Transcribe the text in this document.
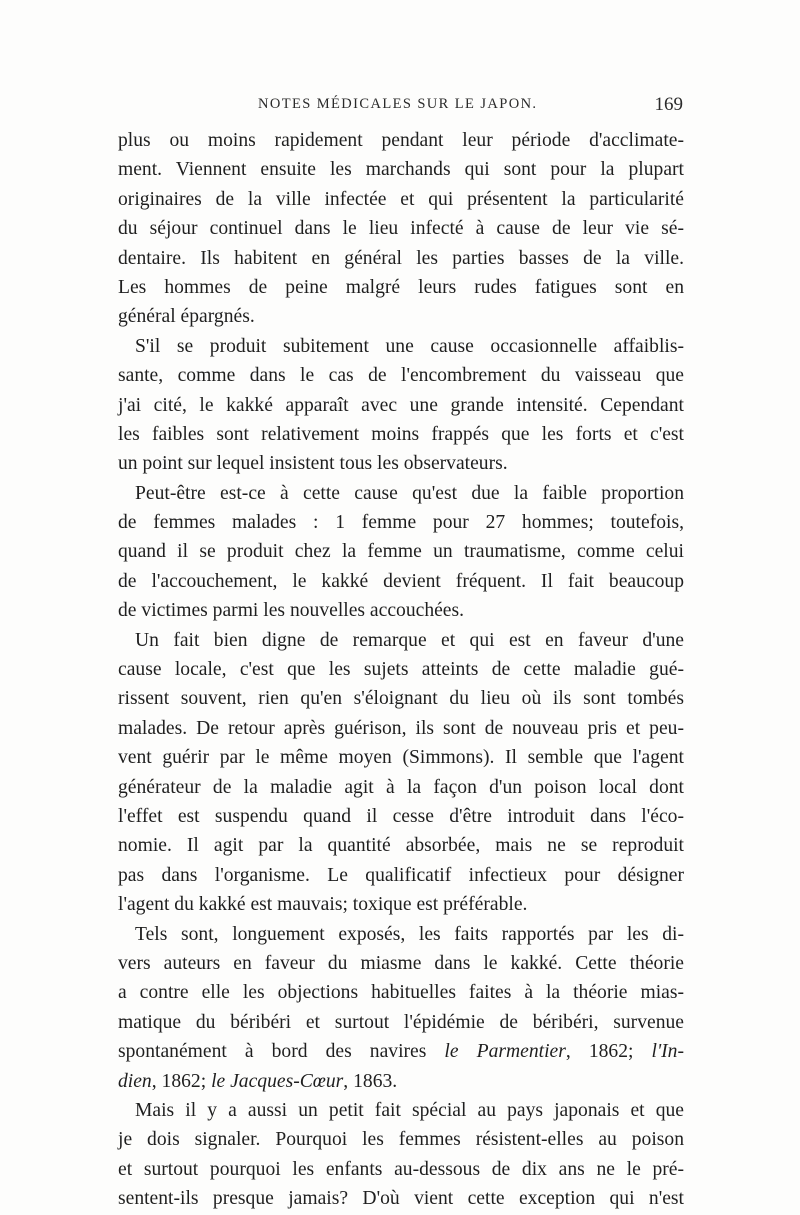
NOTES MÉDICALES SUR LE JAPON.	169
plus ou moins rapidement pendant leur période d'acclimate-
ment. Viennent ensuite les marchands qui sont pour la plupart
originaires de la ville infectée et qui présentent la particularité
du séjour continuel dans le lieu infecté à cause de leur vie sé-
dentaire. Ils habitent en général les parties basses de la ville.
Les hommes de peine malgré leurs rudes fatigues sont en
général épargnés.
S'il se produit subitement une cause occasionnelle affaiblis-
sante, comme dans le cas de l'encombrement du vaisseau que
j'ai cité, le kakké apparaît avec une grande intensité. Cependant
les faibles sont relativement moins frappés que les forts et c'est
un point sur lequel insistent tous les observateurs.
Peut-être est-ce à cette cause qu'est due la faible proportion
de femmes malades : 1 femme pour 27 hommes; toutefois,
quand il se produit chez la femme un traumatisme, comme celui
de l'accouchement, le kakké devient fréquent. Il fait beaucoup
de victimes parmi les nouvelles accouchées.
Un fait bien digne de remarque et qui est en faveur d'une
cause locale, c'est que les sujets atteints de cette maladie gué-
rissent souvent, rien qu'en s'éloignant du lieu où ils sont tombés
malades. De retour après guérison, ils sont de nouveau pris et peu-
vent guérir par le même moyen (Simmons). Il semble que l'agent
générateur de la maladie agit à la façon d'un poison local dont
l'effet est suspendu quand il cesse d'être introduit dans l'éco-
nomie. Il agit par la quantité absorbée, mais ne se reproduit
pas dans l'organisme. Le qualificatif infectieux pour désigner
l'agent du kakké est mauvais; toxique est préférable.
Tels sont, longuement exposés, les faits rapportés par les di-
vers auteurs en faveur du miasme dans le kakké. Cette théorie
a contre elle les objections habituelles faites à la théorie mias-
matique du béribéri et surtout l'épidémie de béribéri, survenue
spontanément à bord des navires le Parmentier, 1862; l'In-
dien, 1862; le Jacques-Cœur, 1863.
Mais il y a aussi un petit fait spécial au pays japonais et que
je dois signaler. Pourquoi les femmes résistent-elles au poison
et surtout pourquoi les enfants au-dessous de dix ans ne le pré-
sentent-ils presque jamais? D'où vient cette exception qui n'est
